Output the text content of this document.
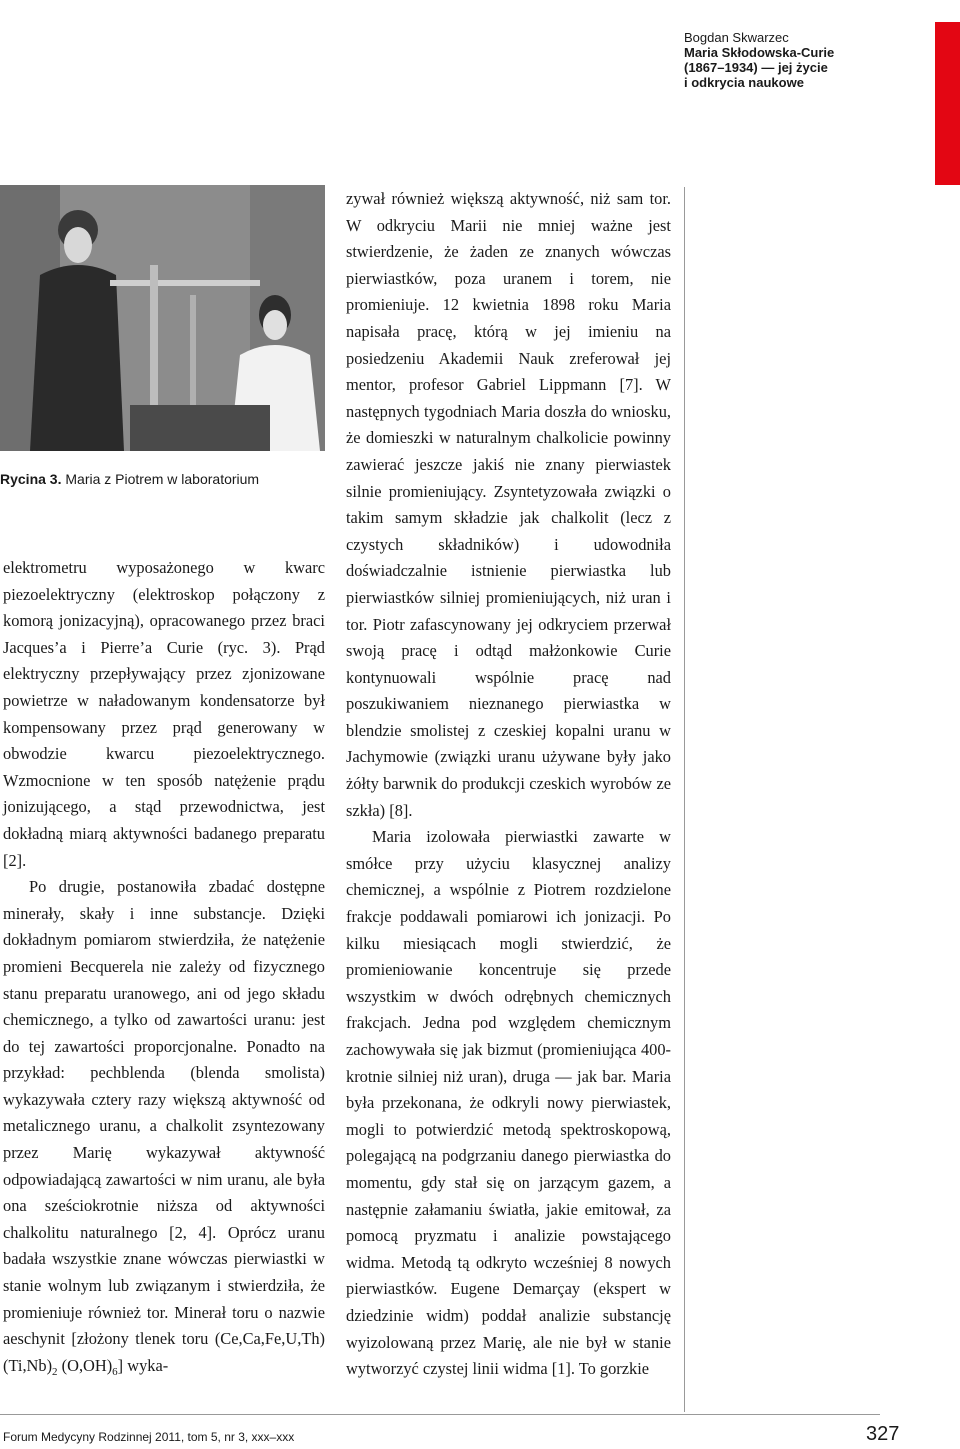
Bogdan Skwarzec
Maria Skłodowska-Curie
(1867–1934) — jej życie
i odkrycia naukowe
Rycina 3. Maria z Piotrem w laboratorium

elektrometru wyposażonego w kwarc piezoelektryczny (elektroskop połączony z komorą jonizacyjną), opracowanego przez braci Jacques’a i Pierre’a Curie (ryc. 3). Prąd elektryczny przepływający przez zjonizowane powietrze w naładowanym kondensatorze był kompensowany przez prąd generowany w obwodzie kwarcu piezoelektrycznego. Wzmocnione w ten sposób natężenie prądu jonizującego, a stąd przewodnictwa, jest dokładną miarą aktywności badanego preparatu [2].

Po drugie, postanowiła zbadać dostępne minerały, skały i inne substancje. Dzięki dokładnym pomiarom stwierdziła, że natężenie promieni Becquerela nie zależy od fizycznego stanu preparatu uranowego, ani od jego składu chemicznego, a tylko od zawartości uranu: jest do tej zawartości proporcjonalne. Ponadto na przykład: pechblenda (blenda smolista) wykazywała cztery razy większą aktywność od metalicznego uranu, a chalkolit zsyntezowany przez Marię wykazywał aktywność odpowiadającą zawartości w nim uranu, ale była ona sześciokrotnie niższa od aktywności chalkolitu naturalnego [2, 4]. Oprócz uranu badała wszystkie znane wówczas pierwiastki w stanie wolnym lub związanym i stwierdziła, że promieniuje również tor. Minerał toru o nazwie aeschynit [złożony tlenek toru $(Ce,Ca,Fe,U,Th)(Ti,Nb)_2$ $(O,OH)_6$] wyka-

zywał również większą aktywność, niż sam tor. W odkryciu Marii nie mniej ważne jest stwierdzenie, że żaden ze znanych wówczas pierwiastków, poza uranem i torem, nie promieniuje. 12 kwietnia 1898 roku Maria napisała pracę, którą w jej imieniu na posiedzeniu Akademii Nauk zreferował jej mentor, profesor Gabriel Lippmann [7]. W następnych tygodniach Maria doszła do wniosku, że domieszki w naturalnym chalkolicie powinny zawierać jeszcze jakiś nie znany pierwiastek silnie promieniujący. Zsyntetyzowała związki o takim samym składzie jak chalkolit (lecz z czystych składników) i udowodniła doświadczalnie istnienie pierwiastka lub pierwiastków silniej promieniujących, niż uran i tor. Piotr zafascynowany jej odkryciem przerwał swoją pracę i odtąd małżonkowie Curie kontynuowali wspólnie pracę nad poszukiwaniem nieznanego pierwiastka w blendzie smolistej z czeskiej kopalni uranu w Jachymowie (związki uranu używane były jako żółty barwnik do produkcji czeskich wyrobów ze szkła) [8].

Maria izolowała pierwiastki zawarte w smółce przy użyciu klasycznej analizy chemicznej, a wspólnie z Piotrem rozdzielone frakcje poddawali pomiarowi ich jonizacji. Po kilku miesiącach mogli stwierdzić, że promieniowanie koncentruje się przede wszystkim w dwóch odrębnych chemicznych frakcjach. Jedna pod względem chemicznym zachowywała się jak bizmut (promieniująca 400-krotnie silniej niż uran), druga — jak bar. Maria była przekonana, że odkryli nowy pierwiastek, mogli to potwierdzić metodą spektroskopową, polegającą na podgrzaniu danego pierwiastka do momentu, gdy stał się on jarzącym gazem, a następnie załamaniu światła, jakie emitował, za pomocą pryzmatu i analizie powstającego widma. Metodą tą odkryto wcześniej 8 nowych pierwiastków. Eugene Demarçay (ekspert w dziedzinie widm) poddał analizie substancję wyizolowaną przez Marię, ale nie był w stanie wytworzyć czystej linii widma [1]. To gorzkie

Forum Medycyny Rodzinnej 2011, tom 5, nr 3, xxx–xxx	327
